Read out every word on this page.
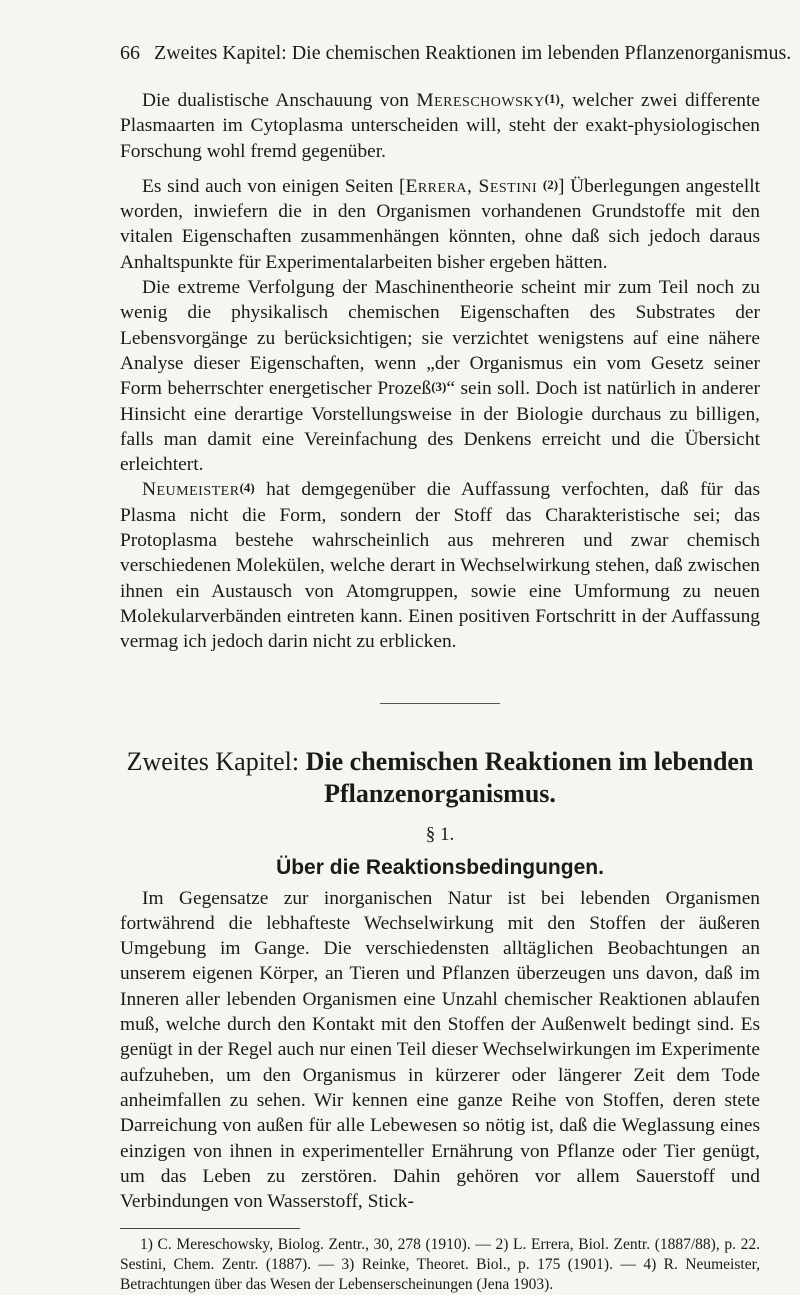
66 Zweites Kapitel: Die chemischen Reaktionen im lebenden Pflanzenorganismus.

Die dualistische Anschauung von Mereschowsky$^{(1)}$, welcher zwei differente Plasmaarten im Cytoplasma unterscheiden will, steht der exakt-physiologischen Forschung wohl fremd gegenüber.

Es sind auch von einigen Seiten [Errera, Sestini $^{(2)}$] Überlegungen angestellt worden, inwiefern die in den Organismen vorhandenen Grundstoffe mit den vitalen Eigenschaften zusammenhängen könnten, ohne daß sich jedoch daraus Anhaltspunkte für Experimentalarbeiten bisher ergeben hätten.

Die extreme Verfolgung der Maschinentheorie scheint mir zum Teil noch zu wenig die physikalisch chemischen Eigenschaften des Substrates der Lebensvorgänge zu berücksichtigen; sie verzichtet wenigstens auf eine nähere Analyse dieser Eigenschaften, wenn „der Organismus ein vom Gesetz seiner Form beherrschter energetischer Prozeß$^{(3)}$“ sein soll. Doch ist natürlich in anderer Hinsicht eine derartige Vorstellungsweise in der Biologie durchaus zu billigen, falls man damit eine Vereinfachung des Denkens erreicht und die Übersicht erleichtert.

Neumeister$^{(4)}$ hat demgegenüber die Auffassung verfochten, daß für das Plasma nicht die Form, sondern der Stoff das Charakteristische sei; das Protoplasma bestehe wahrscheinlich aus mehreren und zwar chemisch verschiedenen Molekülen, welche derart in Wechselwirkung stehen, daß zwischen ihnen ein Austausch von Atomgruppen, sowie eine Umformung zu neuen Molekularverbänden eintreten kann. Einen positiven Fortschritt in der Auffassung vermag ich jedoch darin nicht zu erblicken.

Zweites Kapitel: Die chemischen Reaktionen im lebenden Pflanzenorganismus.
§ 1.
Über die Reaktionsbedingungen.

Im Gegensatze zur inorganischen Natur ist bei lebenden Organismen fortwährend die lebhafteste Wechselwirkung mit den Stoffen der äußeren Umgebung im Gange. Die verschiedensten alltäglichen Beobachtungen an unserem eigenen Körper, an Tieren und Pflanzen überzeugen uns davon, daß im Inneren aller lebenden Organismen eine Unzahl chemischer Reaktionen ablaufen muß, welche durch den Kontakt mit den Stoffen der Außenwelt bedingt sind. Es genügt in der Regel auch nur einen Teil dieser Wechselwirkungen im Experimente aufzuheben, um den Organismus in kürzerer oder längerer Zeit dem Tode anheimfallen zu sehen. Wir kennen eine ganze Reihe von Stoffen, deren stete Darreichung von außen für alle Lebewesen so nötig ist, daß die Weglassung eines einzigen von ihnen in experimenteller Ernährung von Pflanze oder Tier genügt, um das Leben zu zerstören. Dahin gehören vor allem Sauerstoff und Verbindungen von Wasserstoff, Stick-

1) C. Mereschowsky, Biolog. Zentr., 30, 278 (1910). — 2) L. Errera, Biol. Zentr. (1887/88), p. 22. Sestini, Chem. Zentr. (1887). — 3) Reinke, Theoret. Biol., p. 175 (1901). — 4) R. Neumeister, Betrachtungen über das Wesen der Lebenserscheinungen (Jena 1903).
